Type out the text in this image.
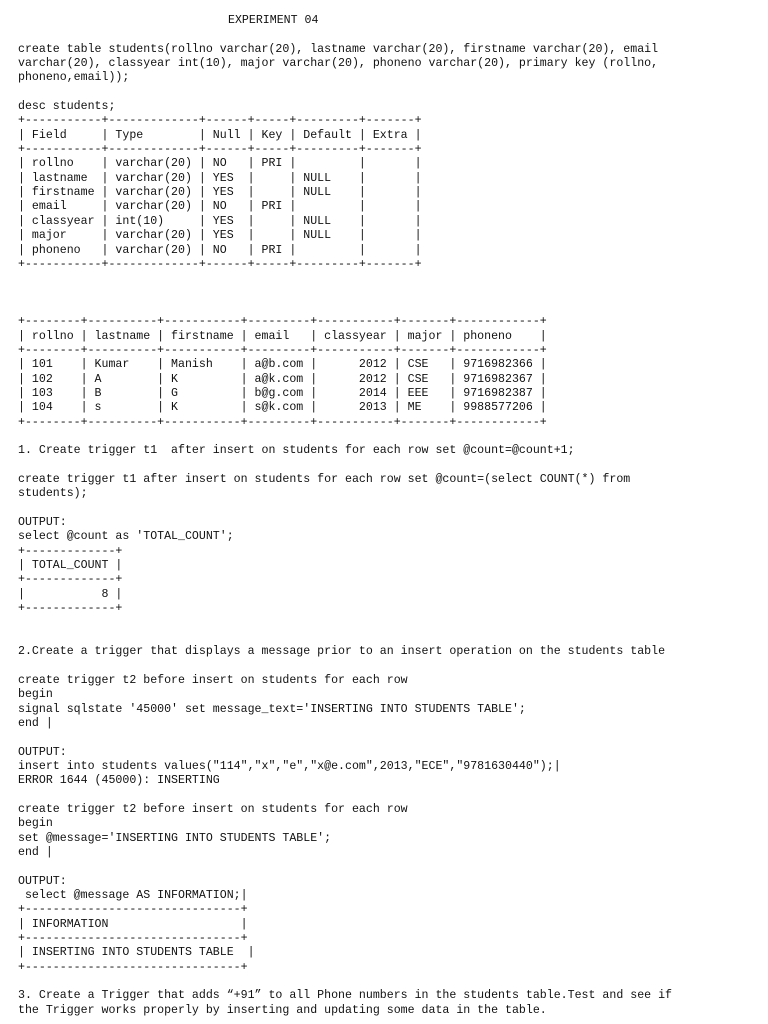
EXPERIMENT 04
create table students(rollno varchar(20), lastname varchar(20), firstname varchar(20), email
varchar(20), classyear int(10), major varchar(20), phoneno varchar(20), primary key (rollno,
phoneno,email));
desc students;
+-----------+-------------+------+-----+---------+-------+
| Field     | Type        | Null | Key | Default | Extra |
+-----------+-------------+------+-----+---------+-------+
| rollno    | varchar(20) | NO   | PRI |         |       |
| lastname  | varchar(20) | YES  |     | NULL    |       |
| firstname | varchar(20) | YES  |     | NULL    |       |
| email     | varchar(20) | NO   | PRI |         |       |
| classyear | int(10)     | YES  |     | NULL    |       |
| major     | varchar(20) | YES  |     | NULL    |       |
| phoneno   | varchar(20) | NO   | PRI |         |       |
+-----------+-------------+------+-----+---------+-------+
+--------+----------+-----------+---------+-----------+-------+------------+
| rollno | lastname | firstname | email   | classyear | major | phoneno    |
+--------+----------+-----------+---------+-----------+-------+------------+
| 101    | Kumar    | Manish    | a@b.com |      2012 | CSE   | 9716982366 |
| 102    | A        | K         | a@k.com |      2012 | CSE   | 9716982367 |
| 103    | B        | G         | b@g.com |      2014 | EEE   | 9716982387 |
| 104    | s        | K         | s@k.com |      2013 | ME    | 9988577206 |
+--------+----------+-----------+---------+-----------+-------+------------+
1. Create trigger t1  after insert on students for each row set @count=@count+1;
create trigger t1 after insert on students for each row set @count=(select COUNT(*) from
students);
OUTPUT:
select @count as 'TOTAL_COUNT';
+-------------+
| TOTAL_COUNT |
+-------------+
|           8 |
+-------------+
2.Create a trigger that displays a message prior to an insert operation on the students table
create trigger t2 before insert on students for each row
begin
signal sqlstate '45000' set message_text='INSERTING INTO STUDENTS TABLE';
end |
OUTPUT:
insert into students values("114","x","e","x@e.com",2013,"ECE","9781630440");|
ERROR 1644 (45000): INSERTING
create trigger t2 before insert on students for each row
begin
set @message='INSERTING INTO STUDENTS TABLE';
end |
OUTPUT:
select @message AS INFORMATION;|
+-------------------------------+
| INFORMATION                   |
+-------------------------------+
| INSERTING INTO STUDENTS TABLE  |
+-------------------------------+
3. Create a Trigger that adds “+91” to all Phone numbers in the students table.Test and see if
the Trigger works properly by inserting and updating some data in the table.
